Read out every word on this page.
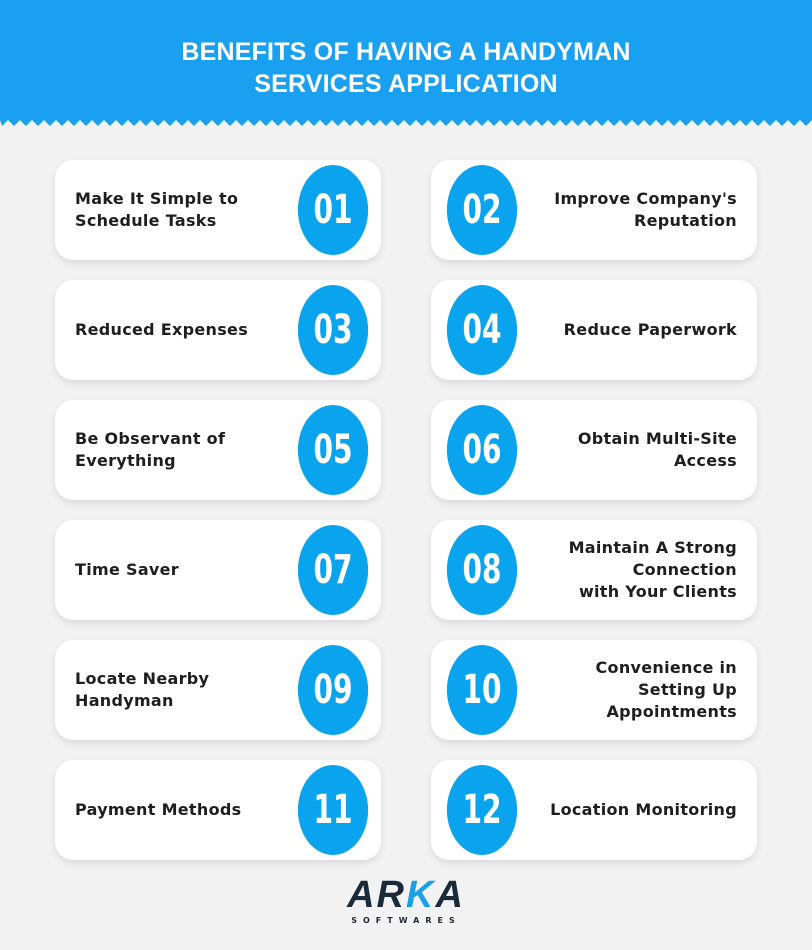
BENEFITS OF HAVING A HANDYMAN
SERVICES APPLICATION
Make It Simple to
Schedule Tasks	01	Improve Company's
Reputation
02
Reduced Expenses	03	Reduce Paperwork
04
Be Observant of
Everything	05	Obtain Multi-Site
Access
06
Time Saver	07	Maintain A Strong
Connection
with Your Clients
08
Locate Nearby
Handyman	09	Convenience in
Setting Up
Appointments
10
Payment Methods	11	Location Monitoring
12
ARKA
SOFTWARES
